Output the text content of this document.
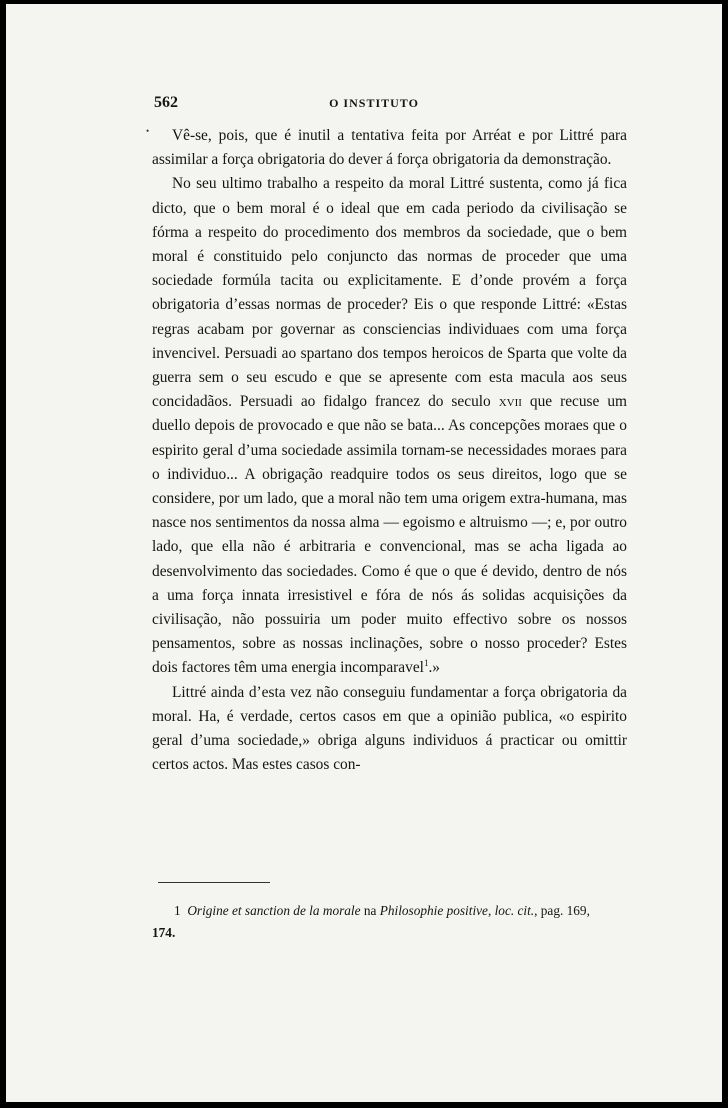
562	O INSTITUTO
•	Vê-se, pois, que é inutil a tentativa feita por Arréat e por Littré para assimilar a força obrigatoria do dever á força obrigatoria da demonstração.

No seu ultimo trabalho a respeito da moral Littré sustenta, como já fica dicto, que o bem moral é o ideal que em cada periodo da civilisação se fórma a respeito do procedimento dos membros da sociedade, que o bem moral é constituido pelo conjuncto das normas de proceder que uma sociedade formúla tacita ou explicitamente. E d’onde provém a força obrigatoria d’essas normas de proceder? Eis o que responde Littré: «Estas regras acabam por governar as consciencias individuaes com uma força invencivel. Persuadi ao spartano dos tempos heroicos de Sparta que volte da guerra sem o seu escudo e que se apresente com esta macula aos seus concidadãos. Persuadi ao fidalgo francez do seculo xvii que recuse um duello depois de provocado e que não se bata... As concepções moraes que o espirito geral d’uma sociedade assimila tornam-se necessidades moraes para o individuo... A obrigação readquire todos os seus direitos, logo que se considere, por um lado, que a moral não tem uma origem extra-humana, mas nasce nos sentimentos da nossa alma — egoismo e altruismo —; e, por outro lado, que ella não é arbitraria e convencional, mas se acha ligada ao desenvolvimento das sociedades. Como é que o que é devido, dentro de nós a uma força innata irresistivel e fóra de nós ás solidas acquisições da civilisação, não possuiria um poder muito effectivo sobre os nossos pensamentos, sobre as nossas inclinações, sobre o nosso proceder? Estes dois factores têm uma energia incomparavel$^1$.»

Littré ainda d’esta vez não conseguiu fundamentar a força obrigatoria da moral. Ha, é verdade, certos casos em que a opinião publica, «o espirito geral d’uma sociedade,» obriga alguns individuos á practicar ou omittir certos actos. Mas estes casos con-

1 Origine et sanction de la morale na Philosophie positive, loc. cit., pag. 169,
174.
